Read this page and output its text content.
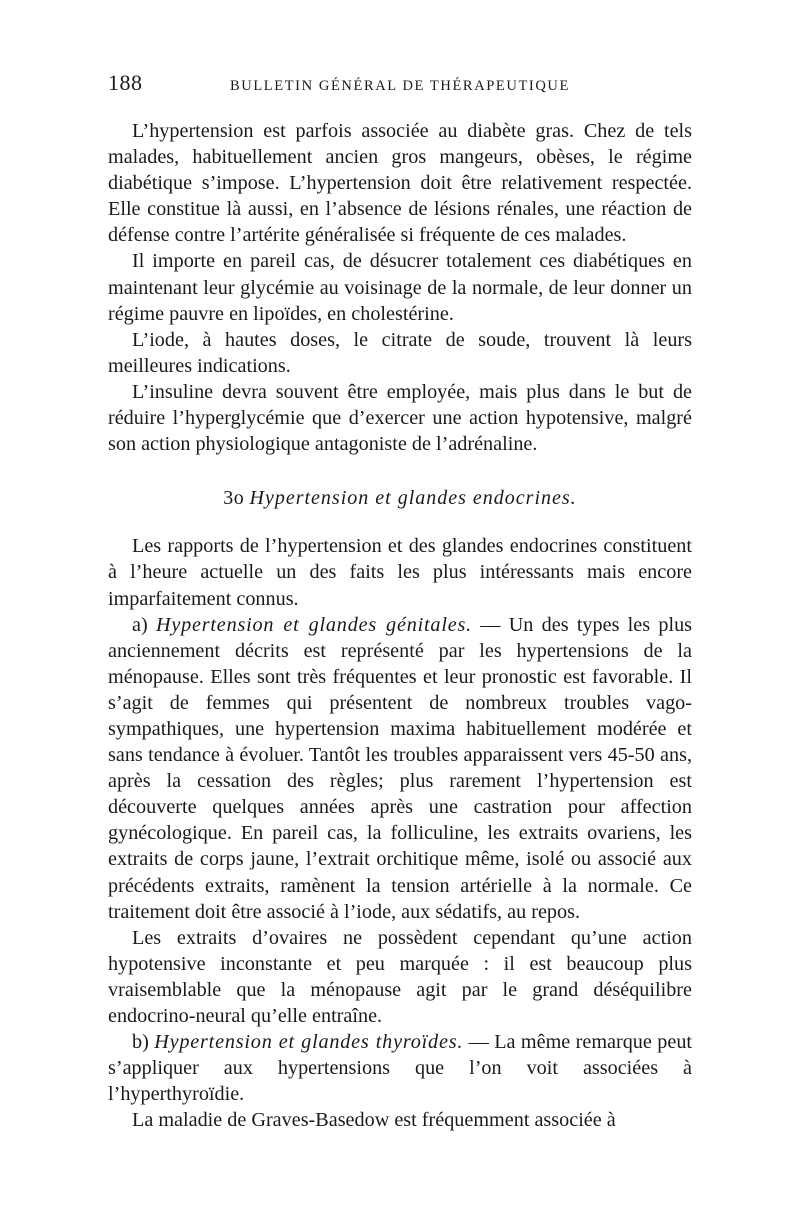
188	BULLETIN GÉNÉRAL DE THÉRAPEUTIQUE

L’hypertension est parfois associée au diabète gras. Chez de tels malades, habituellement ancien gros mangeurs, obèses, le régime diabétique s’impose. L’hypertension doit être relativement respectée. Elle constitue là aussi, en l’absence de lésions rénales, une réaction de défense contre l’artérite généralisée si fréquente de ces malades.

Il importe en pareil cas, de désucrer totalement ces diabétiques en maintenant leur glycémie au voisinage de la normale, de leur donner un régime pauvre en lipoïdes, en cholestérine.

L’iode, à hautes doses, le citrate de soude, trouvent là leurs meilleures indications.

L’insuline devra souvent être employée, mais plus dans le but de réduire l’hyperglycémie que d’exercer une action hypotensive, malgré son action physiologique antagoniste de l’adrénaline.

3o Hypertension et glandes endocrines.

Les rapports de l’hypertension et des glandes endocrines constituent à l’heure actuelle un des faits les plus intéressants mais encore imparfaitement connus.

a) Hypertension et glandes génitales. — Un des types les plus anciennement décrits est représenté par les hypertensions de la ménopause. Elles sont très fréquentes et leur pronostic est favorable. Il s’agit de femmes qui présentent de nombreux troubles vago-sympathiques, une hypertension maxima habituellement modérée et sans tendance à évoluer. Tantôt les troubles apparaissent vers 45-50 ans, après la cessation des règles; plus rarement l’hypertension est découverte quelques années après une castration pour affection gynécologique. En pareil cas, la folliculine, les extraits ovariens, les extraits de corps jaune, l’extrait orchitique même, isolé ou associé aux précédents extraits, ramènent la tension artérielle à la normale. Ce traitement doit être associé à l’iode, aux sédatifs, au repos.

Les extraits d’ovaires ne possèdent cependant qu’une action hypotensive inconstante et peu marquée : il est beaucoup plus vraisemblable que la ménopause agit par le grand déséquilibre endocrino-neural qu’elle entraîne.

b) Hypertension et glandes thyroïdes. — La même remarque peut s’appliquer aux hypertensions que l’on voit associées à l’hyperthyroïdie.

La maladie de Graves-Basedow est fréquemment associée à
